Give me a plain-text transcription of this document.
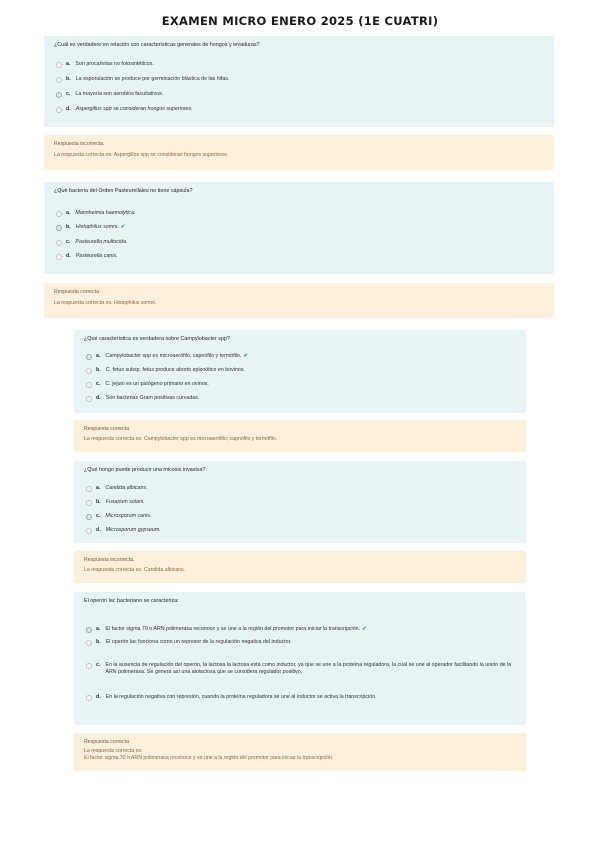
EXAMEN MICRO ENERO 2025 (1E CUATRI)
¿Cuál es verdadero en relación con características generales de hongos y levaduras?
a. Son procariotas no fotosintéticos.
b. La esporulación se produce por germinación blástica de las hifas.
c. La mayoría son aerobios facultativos.
d. Aspergillus spp se consideran hongos superiores.
Respuesta incorrecta.
La respuesta correcta es: Aspergillus spp se consideran hongos superiores.
¿Qué bacteria del Orden Pasteurellales no tiene cápsula?
a. Mannheimia haemolytica.
b. Histophilus somni. ✔
c. Pasteurella multocida.
d. Pasteurella canis.
Respuesta correcta
La respuesta correcta es: Histophilus somni.
¿Qué característica es verdadera sobre Campylobacter spp?
a. Campylobacter spp es microaerófilo, capnófilo y termófilo. ✔
b. C. fetus subsp. fetus produce aborto epizoótico en bovinos.
c. C. jejuni es un patógeno primario en ovinos.
d. Son bacterias Gram positivas curvadas.
Respuesta correcta
La respuesta correcta es: Campylobacter spp es microaerófilo, capnófilo y termófilo.
¿Qué hongo puede producir una micosis invasiva?
a. Candida albicans.
b. Fusarium solani.
c. Microsporum canis.
d. Microsporum gypseum.
Respuesta incorrecta.
La respuesta correcta es: Candida albicans.
El operón lac bacteriano se caracteriza:
a. El factor sigma 70 o ARN polimerasa reconoce y se une a la región del promotor para iniciar la transcripción. ✔
b. El operón lac funciona como un represor de la regulación negativa del inductor.
c. En la ausencia de regulación del operón, la lactosa la lactosa está como inductor, ya que se une a la proteína reguladora, la cual se une al operador facilitando la unión de la ARN polimerasa. Se genera así una alolactosa que se considera regulador positivo.
d. En la regulación negativa con represión, cuando la proteína reguladora se une al inductor se activa la transcripción.
Respuesta correcta
La respuesta correcta es:
El factor sigma 70 o ARN polimerasa reconoce y se une a la región del promotor para iniciar la transcripción.
